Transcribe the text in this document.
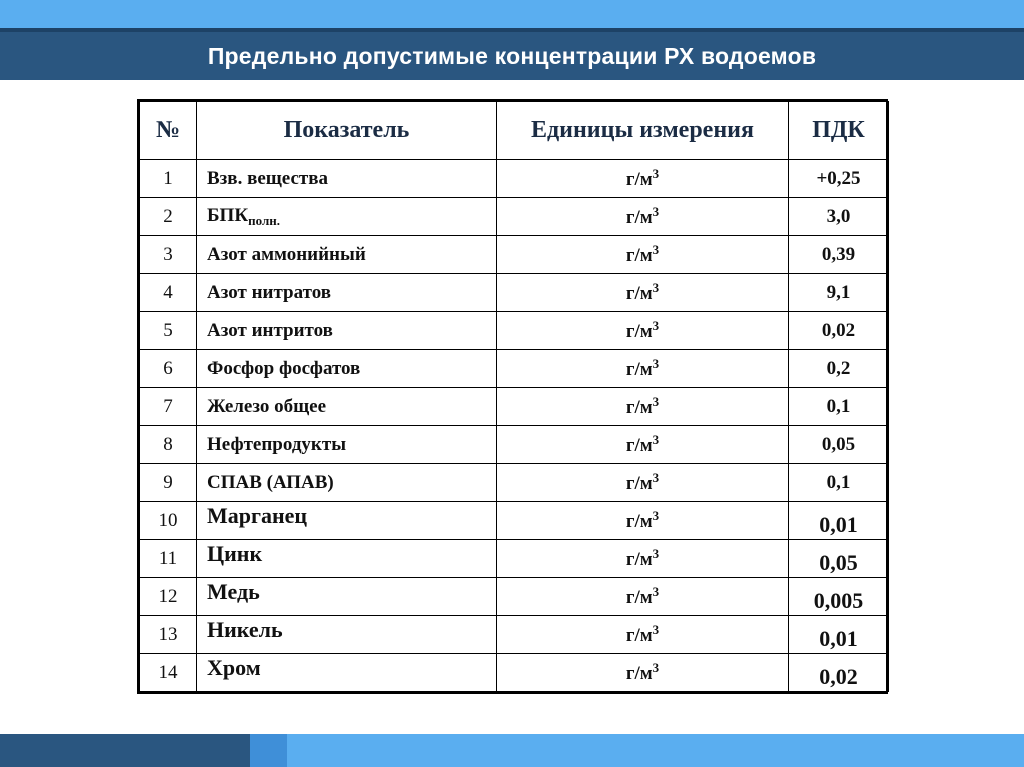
Предельно допустимые концентрации РХ водоемов
№	Показатель	Единицы измерения	ПДК
1	Взв. вещества	$г/м^3$	+0,25
2	$БПК_{полн.}$	$г/м^3$	3,0
3	Азот аммонийный	$г/м^3$	0,39
4	Азот нитратов	$г/м^3$	9,1
5	Азот интритов	$г/м^3$	0,02
6	Фосфор фосфатов	$г/м^3$	0,2
7	Железо общее	$г/м^3$	0,1
8	Нефтепродукты	$г/м^3$	0,05
9	СПАВ (АПАВ)	$г/м^3$	0,1
10	Марганец	$г/м^3$	0,01
11	Цинк	$г/м^3$	0,05
12	Медь	$г/м^3$	0,005
13	Никель	$г/м^3$	0,01
14	Хром	$г/м^3$	0,02
